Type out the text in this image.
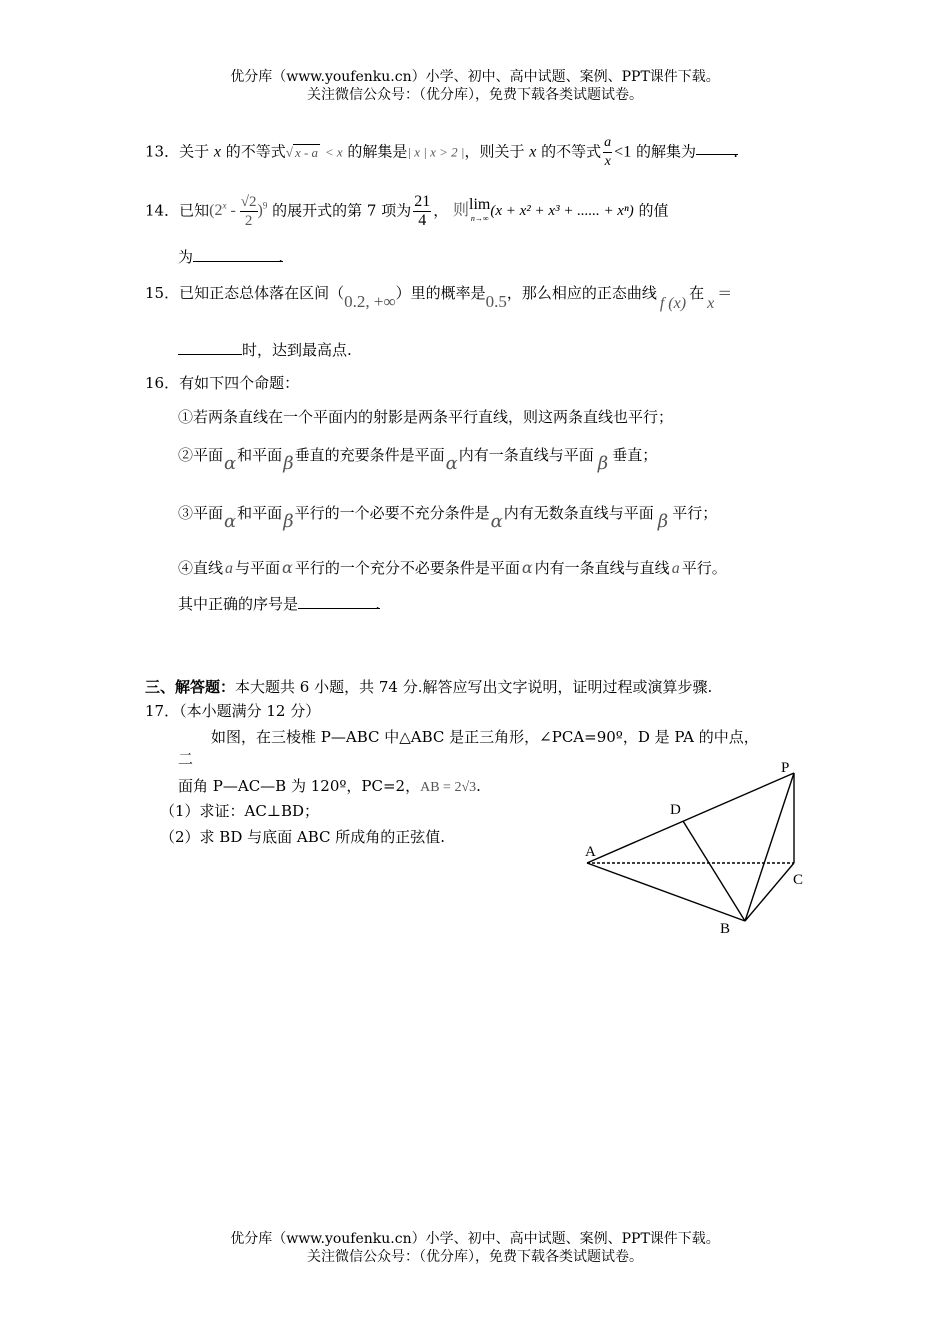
优分库（www.youfenku.cn）小学、初中、高中试题、案例、PPT课件下载。
关注微信公众号：（优分库），免费下载各类试题试卷。
13．关于 x 的不等式√ x - a < x 的解集是| x | x > 2 |，则关于 x 的不等式 $\frac{a}{x} <1$ 的解集为 .
14．已知$(2^x - \frac{√2}{2} )^9$ 的展开式的第 7 项为 $\frac{21}{4}$ ， 则 lim
n→∞ (x + x² + x³ + ...... + xⁿ) 的值
为	.
15．已知正态总体落在区间（0.2, +∞）里的概率是0.5，那么相应的正态曲线f (x)在x＝
时，达到最高点.
16．有如下四个命题：
①若两条直线在一个平面内的射影是两条平行直线，则这两条直线也平行；
②平面α和平面β垂直的充要条件是平面α内有一条直线与平面 β 垂直；
③平面α和平面β平行的一个必要不充分条件是α内有无数条直线与平面 β 平行；
④直线 a 与平面 α 平行的一个充分不必要条件是平面 α 内有一条直线与直线 a 平行。
其中正确的序号是	.
三、解答题：本大题共 6 小题，共 74 分.解答应写出文字说明，证明过程或演算步骤.
17．（本小题满分 12 分）
如图，在三棱椎 P—ABC 中△ABC 是正三角形，∠PCA=90º，D 是 PA 的中点，
二
面角 P—AC—B 为 120º，PC=2，AB = 2√3.
（1）求证：AC⊥BD；
（2）求 BD 与底面 ABC 所成角的正弦值.
P
D
A
C
B
优分库（www.youfenku.cn）小学、初中、高中试题、案例、PPT课件下载。
关注微信公众号：（优分库），免费下载各类试题试卷。
